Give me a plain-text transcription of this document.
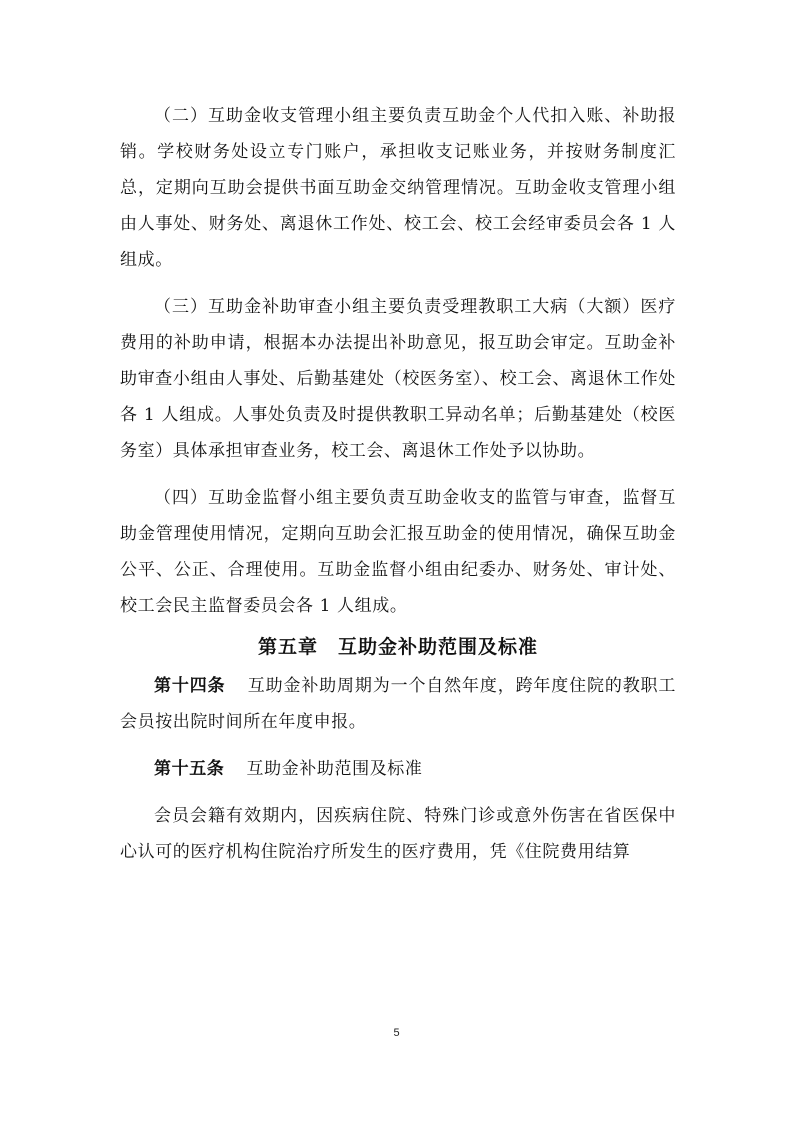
（二）互助金收支管理小组主要负责互助金个人代扣入账、补助报销。学校财务处设立专门账户，承担收支记账业务，并按财务制度汇总，定期向互助会提供书面互助金交纳管理情况。互助金收支管理小组由人事处、财务处、离退休工作处、校工会、校工会经审委员会各 1 人组成。

（三）互助金补助审查小组主要负责受理教职工大病（大额）医疗费用的补助申请，根据本办法提出补助意见，报互助会审定。互助金补助审查小组由人事处、后勤基建处（校医务室）、校工会、离退休工作处各 1 人组成。人事处负责及时提供教职工异动名单；后勤基建处（校医务室）具体承担审查业务，校工会、离退休工作处予以协助。

（四）互助金监督小组主要负责互助金收支的监管与审查，监督互助金管理使用情况，定期向互助会汇报互助金的使用情况，确保互助金公平、公正、合理使用。互助金监督小组由纪委办、财务处、审计处、校工会民主监督委员会各 1 人组成。

第五章　互助金补助范围及标准

第十四条 互助金补助周期为一个自然年度，跨年度住院的教职工会员按出院时间所在年度申报。

第十五条 互助金补助范围及标准

会员会籍有效期内，因疾病住院、特殊门诊或意外伤害在省医保中心认可的医疗机构住院治疗所发生的医疗费用，凭《住院费用结算

5
